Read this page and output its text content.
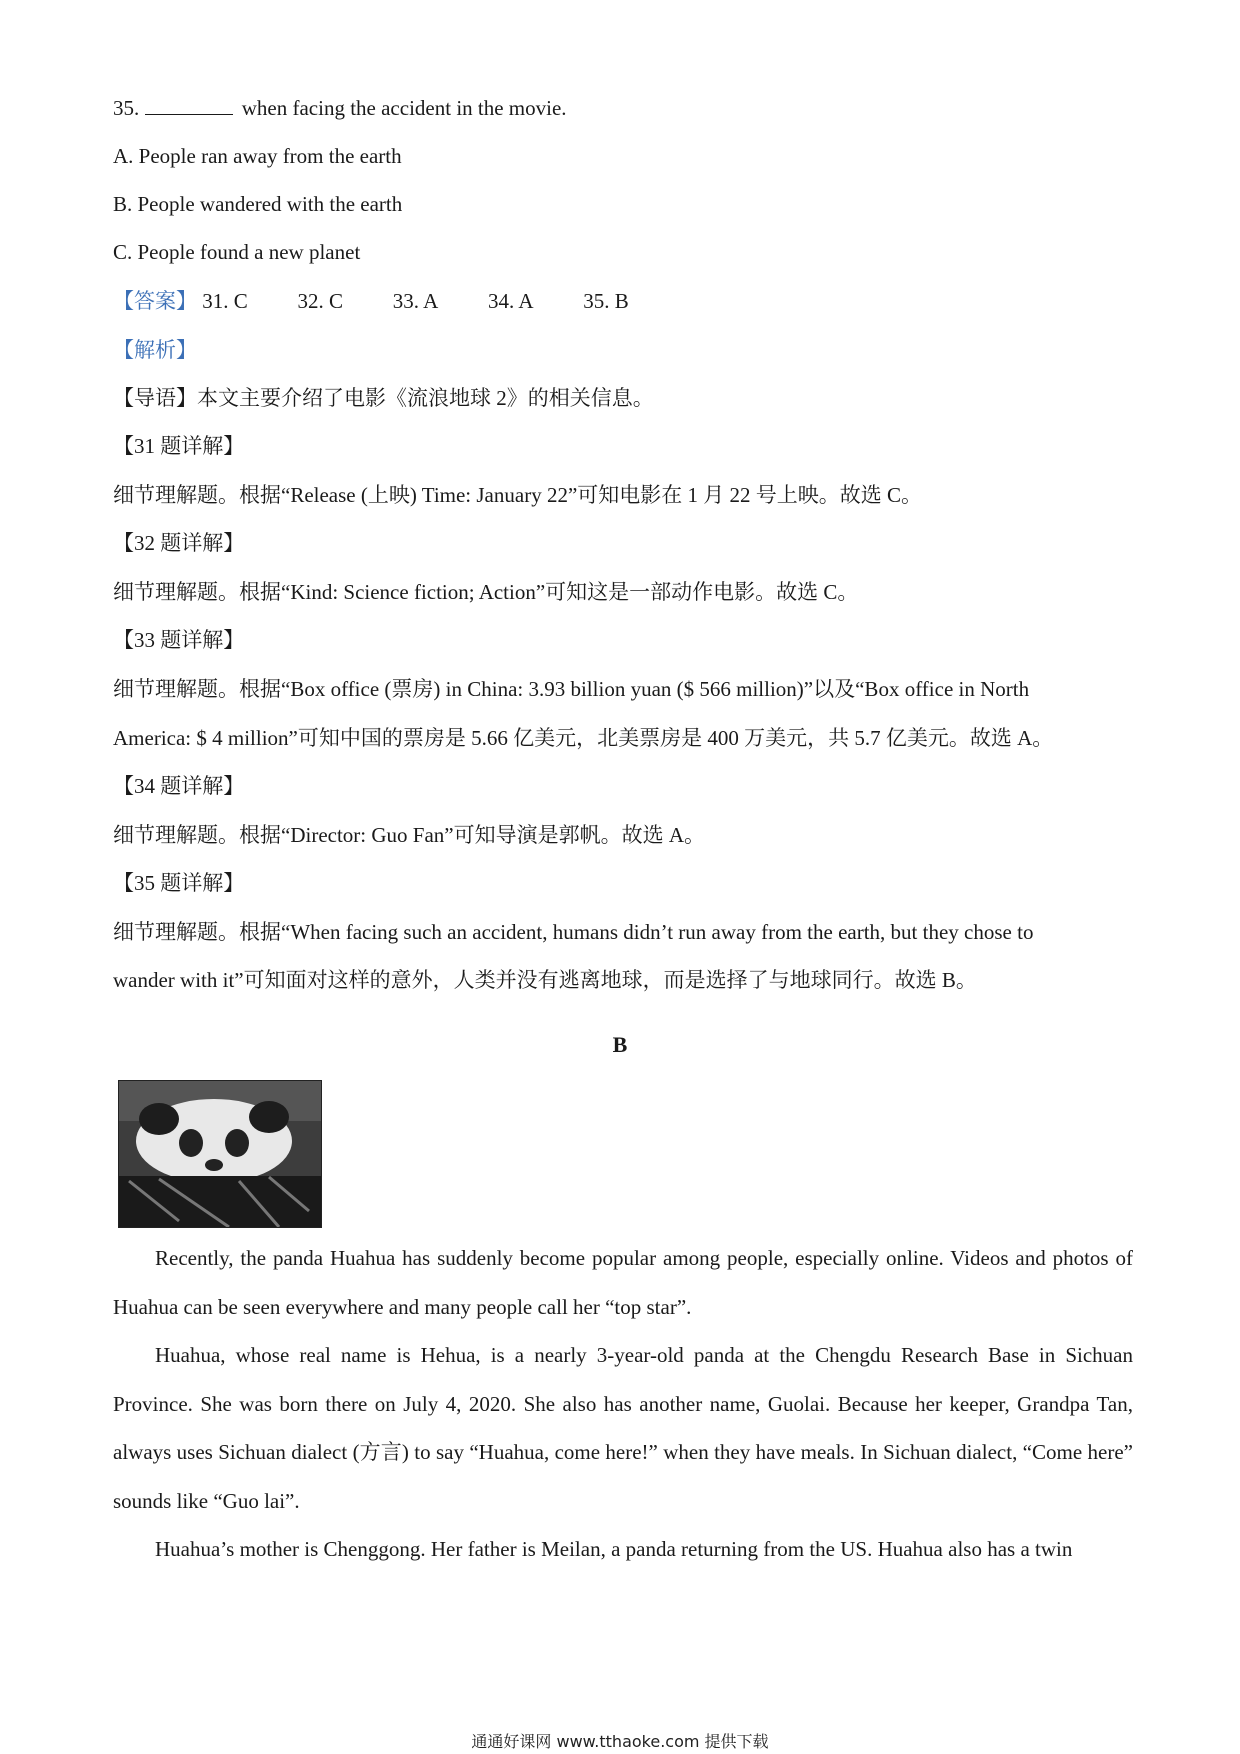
35.	when facing the accident in the movie.
A. People ran away from the earth
B. People wandered with the earth
C. People found a new planet
【答案】 31. C 32. C 33. A 34. A 35. B
【解析】
【导语】本文主要介绍了电影《流浪地球 2》的相关信息。
【31 题详解】
细节理解题。根据“Release (上映) Time: January 22”可知电影在 1 月 22 号上映。故选 C。
【32 题详解】
细节理解题。根据“Kind: Science fiction; Action”可知这是一部动作电影。故选 C。
【33 题详解】
细节理解题。根据“Box office (票房) in China: 3.93 billion yuan ($ 566 million)”以及“Box office in North
America: $ 4 million”可知中国的票房是 5.66 亿美元，北美票房是 400 万美元，共 5.7 亿美元。故选 A。
【34 题详解】
细节理解题。根据“Director: Guo Fan”可知导演是郭帆。故选 A。
【35 题详解】
细节理解题。根据“When facing such an accident, humans didn’t run away from the earth, but they chose to
wander with it”可知面对这样的意外，人类并没有逃离地球，而是选择了与地球同行。故选 B。
B
Recently, the panda Huahua has suddenly become popular among people, especially online. Videos and photos of Huahua can be seen everywhere and many people call her “top star”.
Huahua, whose real name is Hehua, is a nearly 3-year-old panda at the Chengdu Research Base in Sichuan Province. She was born there on July 4, 2020. She also has another name, Guolai. Because her keeper, Grandpa Tan, always uses Sichuan dialect (方言) to say “Huahua, come here!” when they have meals. In Sichuan dialect, “Come here” sounds like “Guo lai”.
Huahua’s mother is Chenggong. Her father is Meilan, a panda returning from the US. Huahua also has a twin
通通好课网 www.tthaoke.com 提供下载
